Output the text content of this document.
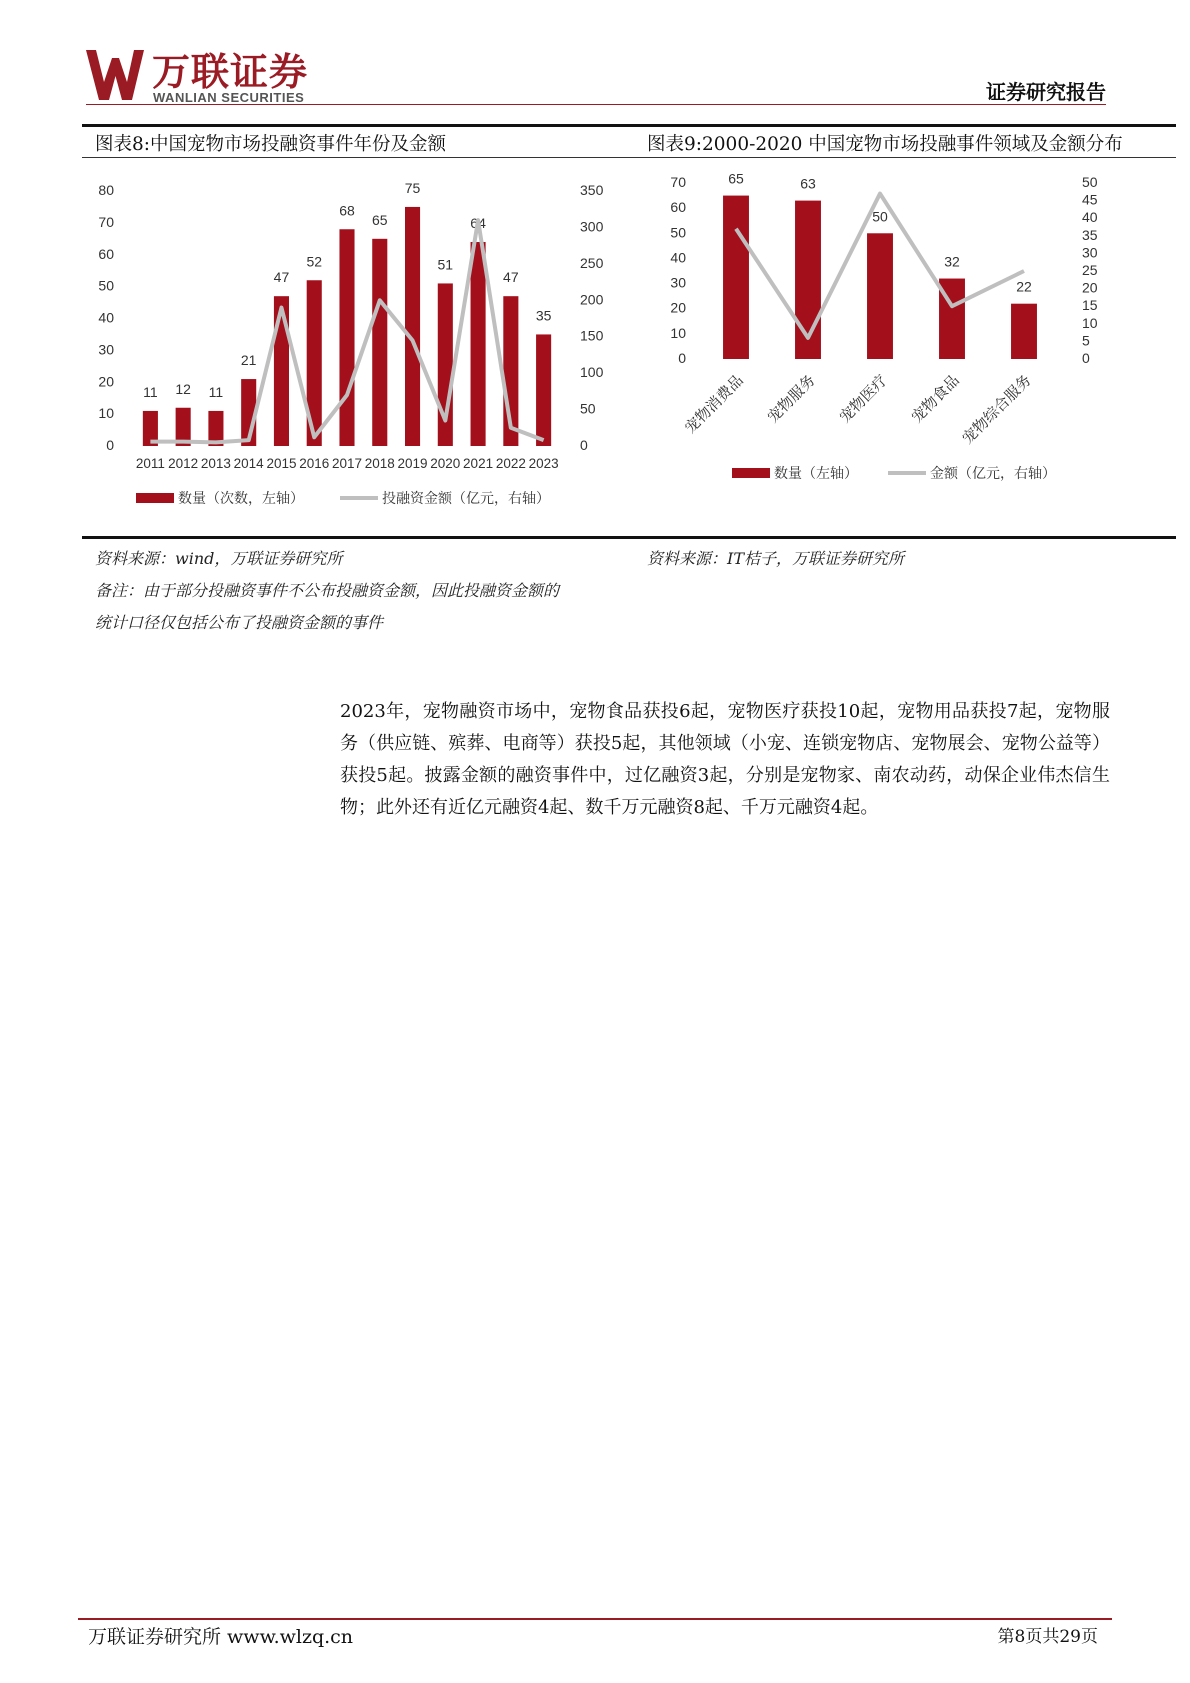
万联证券
WANLIAN SECURITIES	证券研究报告
图表8:中国宠物市场投融资事件年份及金额	图表9:2000-2020 中国宠物市场投融事件领域及金额分布
0
10
20
30
40
50
60
70
80
0
50
100
150
200
250
300
350
11 12 11
21
47
52
68
65
75
51
64
47
35
2011 2012 2013 2014 2015 2016 2017 2018 2019 2020 2021 2022 2023
数量（次数，左轴）	投融资金额（亿元，右轴）
0
10
20
30
40
50
60
70
0
5
10
15
20
25
30
35
40
45
50
65	63
50
32
22
宠物消费品 宠物服务 宠物医疗 宠物食品
宠物综合服务
数量（左轴）	金额（亿元，右轴）
资料来源：wind，万联证券研究所
备注：由于部分投融资事件不公布投融资金额，因此投融资金额的
统计口径仅包括公布了投融资金额的事件
资料来源：IT桔子，万联证券研究所

2023年，宠物融资市场中，宠物食品获投6起，宠物医疗获投10起，宠物用品获投7起，宠物服务（供应链、殡葬、电商等）获投5起，其他领域（小宠、连锁宠物店、宠物展会、宠物公益等）获投5起。披露金额的融资事件中，过亿融资3起，分别是宠物家、南农动药，动保企业伟杰信生物；此外还有近亿元融资4起、数千万元融资8起、千万元融资4起。

万联证券研究所 www.wlzq.cn	第8页共29页
